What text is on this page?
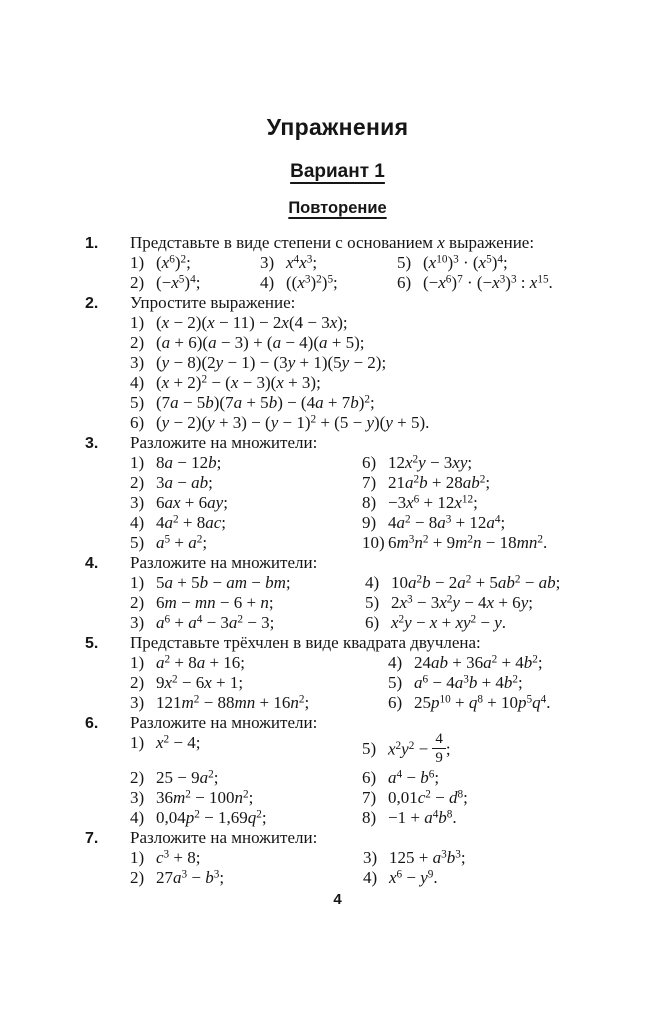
Упражнения
Вариант 1
Повторение
1.	Представьте в виде степени с основанием x выражение:
1) $(x^6)^2$;
2) $(-x^5)^4$;
3) $x^4x^3$;
4) $((x^3)^2)^5$;
5) $(x^{10})^3 \cdot (x^5)^4$;
6) $(-x^6)^7 \cdot (-x^3)^3$ : $x^{15}$.
2.	Упростите выражение:
1) (x − 2)(x − 11) − 2x(4 − 3x);
2) (a + 6)(a − 3) + (a − 4)(a + 5);
3) (y − 8)(2y − 1) − (3y + 1)(5y − 2);
4) $(x + 2)^2 - (x - 3)(x + 3)$;
5) $(7a - 5b)(7a + 5b) - (4a + 7b)^2$;
6) $(y - 2)(y + 3) - (y - 1)^2 + (5 - y)(y + 5)$.
3.	Разложите на множители:
1) 8a − 12b;
2) 3a − ab;
3) 6ax + 6ay;
4) $4a^2 + 8ac$;
5) $a^5 + a^2$;
6) $12x^2y - 3xy$;
7) $21a^2b + 28ab^2$;
$8) -3x^6 + 12x^{12}$;
9) $4a^2 - 8a^3 + 12a^4$;
10) $6m^3n^2 + 9m^2n - 18mn^2$.
4.	Разложите на множители:
1) 5a + 5b − am − bm;
2) 6m − mn − 6 + n;
3) $a^6 + a^4 - 3a^2 - 3$;
4) $10a^2b - 2a^2 + 5ab^2$ − ab;
5) $2x^3 - 3x^2y - 4x + 6y$;
6) $x^2y - x + xy^2 - y$.
5.	Представьте трёхчлен в виде квадрата двучлена:
1) $a^2 + 8a + 16$;
2) $9x^2 - 6x + 1$;
3) $121m^2 - 88mn + 16n^2$;
4) $24ab + 36a^2 + 4b^2$;
5) $a^6 - 4a^3b + 4b^2$;
6) $25p^{10} + q^8 + 10p^5q^4$.
6.	Разложите на множители:
1) $x^2 - 4$;
2) $25 - 9a^2$;
3) $36m^2 - 100n^2$;
4) $0,04p^2 - 1,69q^2$;
5) $x^2y^2 - \frac{4}{9}$ ;
6) $a^4 - b^6$;
7) $0,01c^2 - d^8$;
$8) -1 + a^4b^8$.
7.	Разложите на множители:
1) $c^3 + 8$;
2) $27a^3 - b^3$;
3) $125 + a^3b^3$;
4) $x^6 - y^9$.
4
